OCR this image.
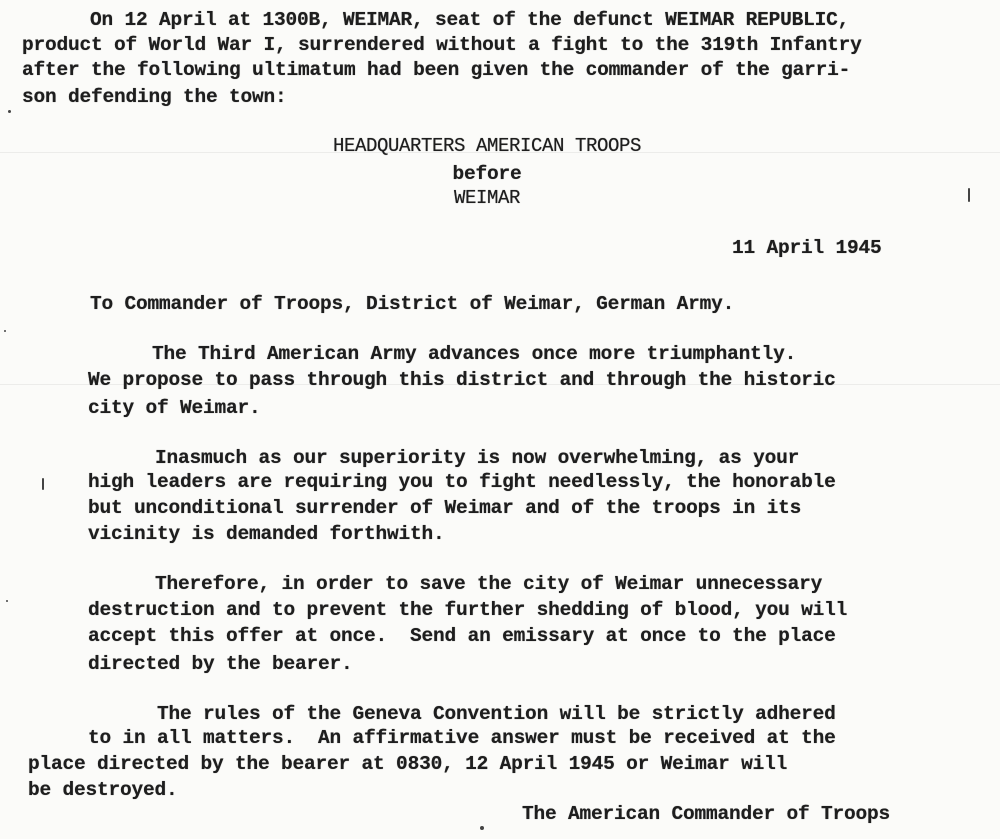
On 12 April at 1300B, WEIMAR, seat of the defunct WEIMAR REPUBLIC,
product of World War I, surrendered without a fight to the 319th Infantry
after the following ultimatum had been given the commander of the garri-
son defending the town:
HEADQUARTERS AMERICAN TROOPS
before
WEIMAR
11 April 1945
To Commander of Troops, District of Weimar, German Army.
The Third American Army advances once more triumphantly.
We propose to pass through this district and through the historic
city of Weimar.
Inasmuch as our superiority is now overwhelming, as your
high leaders are requiring you to fight needlessly, the honorable
but unconditional surrender of Weimar and of the troops in its
vicinity is demanded forthwith.
Therefore, in order to save the city of Weimar unnecessary
destruction and to prevent the further shedding of blood, you will
accept this offer at once.  Send an emissary at once to the place
directed by the bearer.
The rules of the Geneva Convention will be strictly adhered
to in all matters.  An affirmative answer must be received at the
place directed by the bearer at 0830, 12 April 1945 or Weimar will
be destroyed.
The American Commander of Troops
